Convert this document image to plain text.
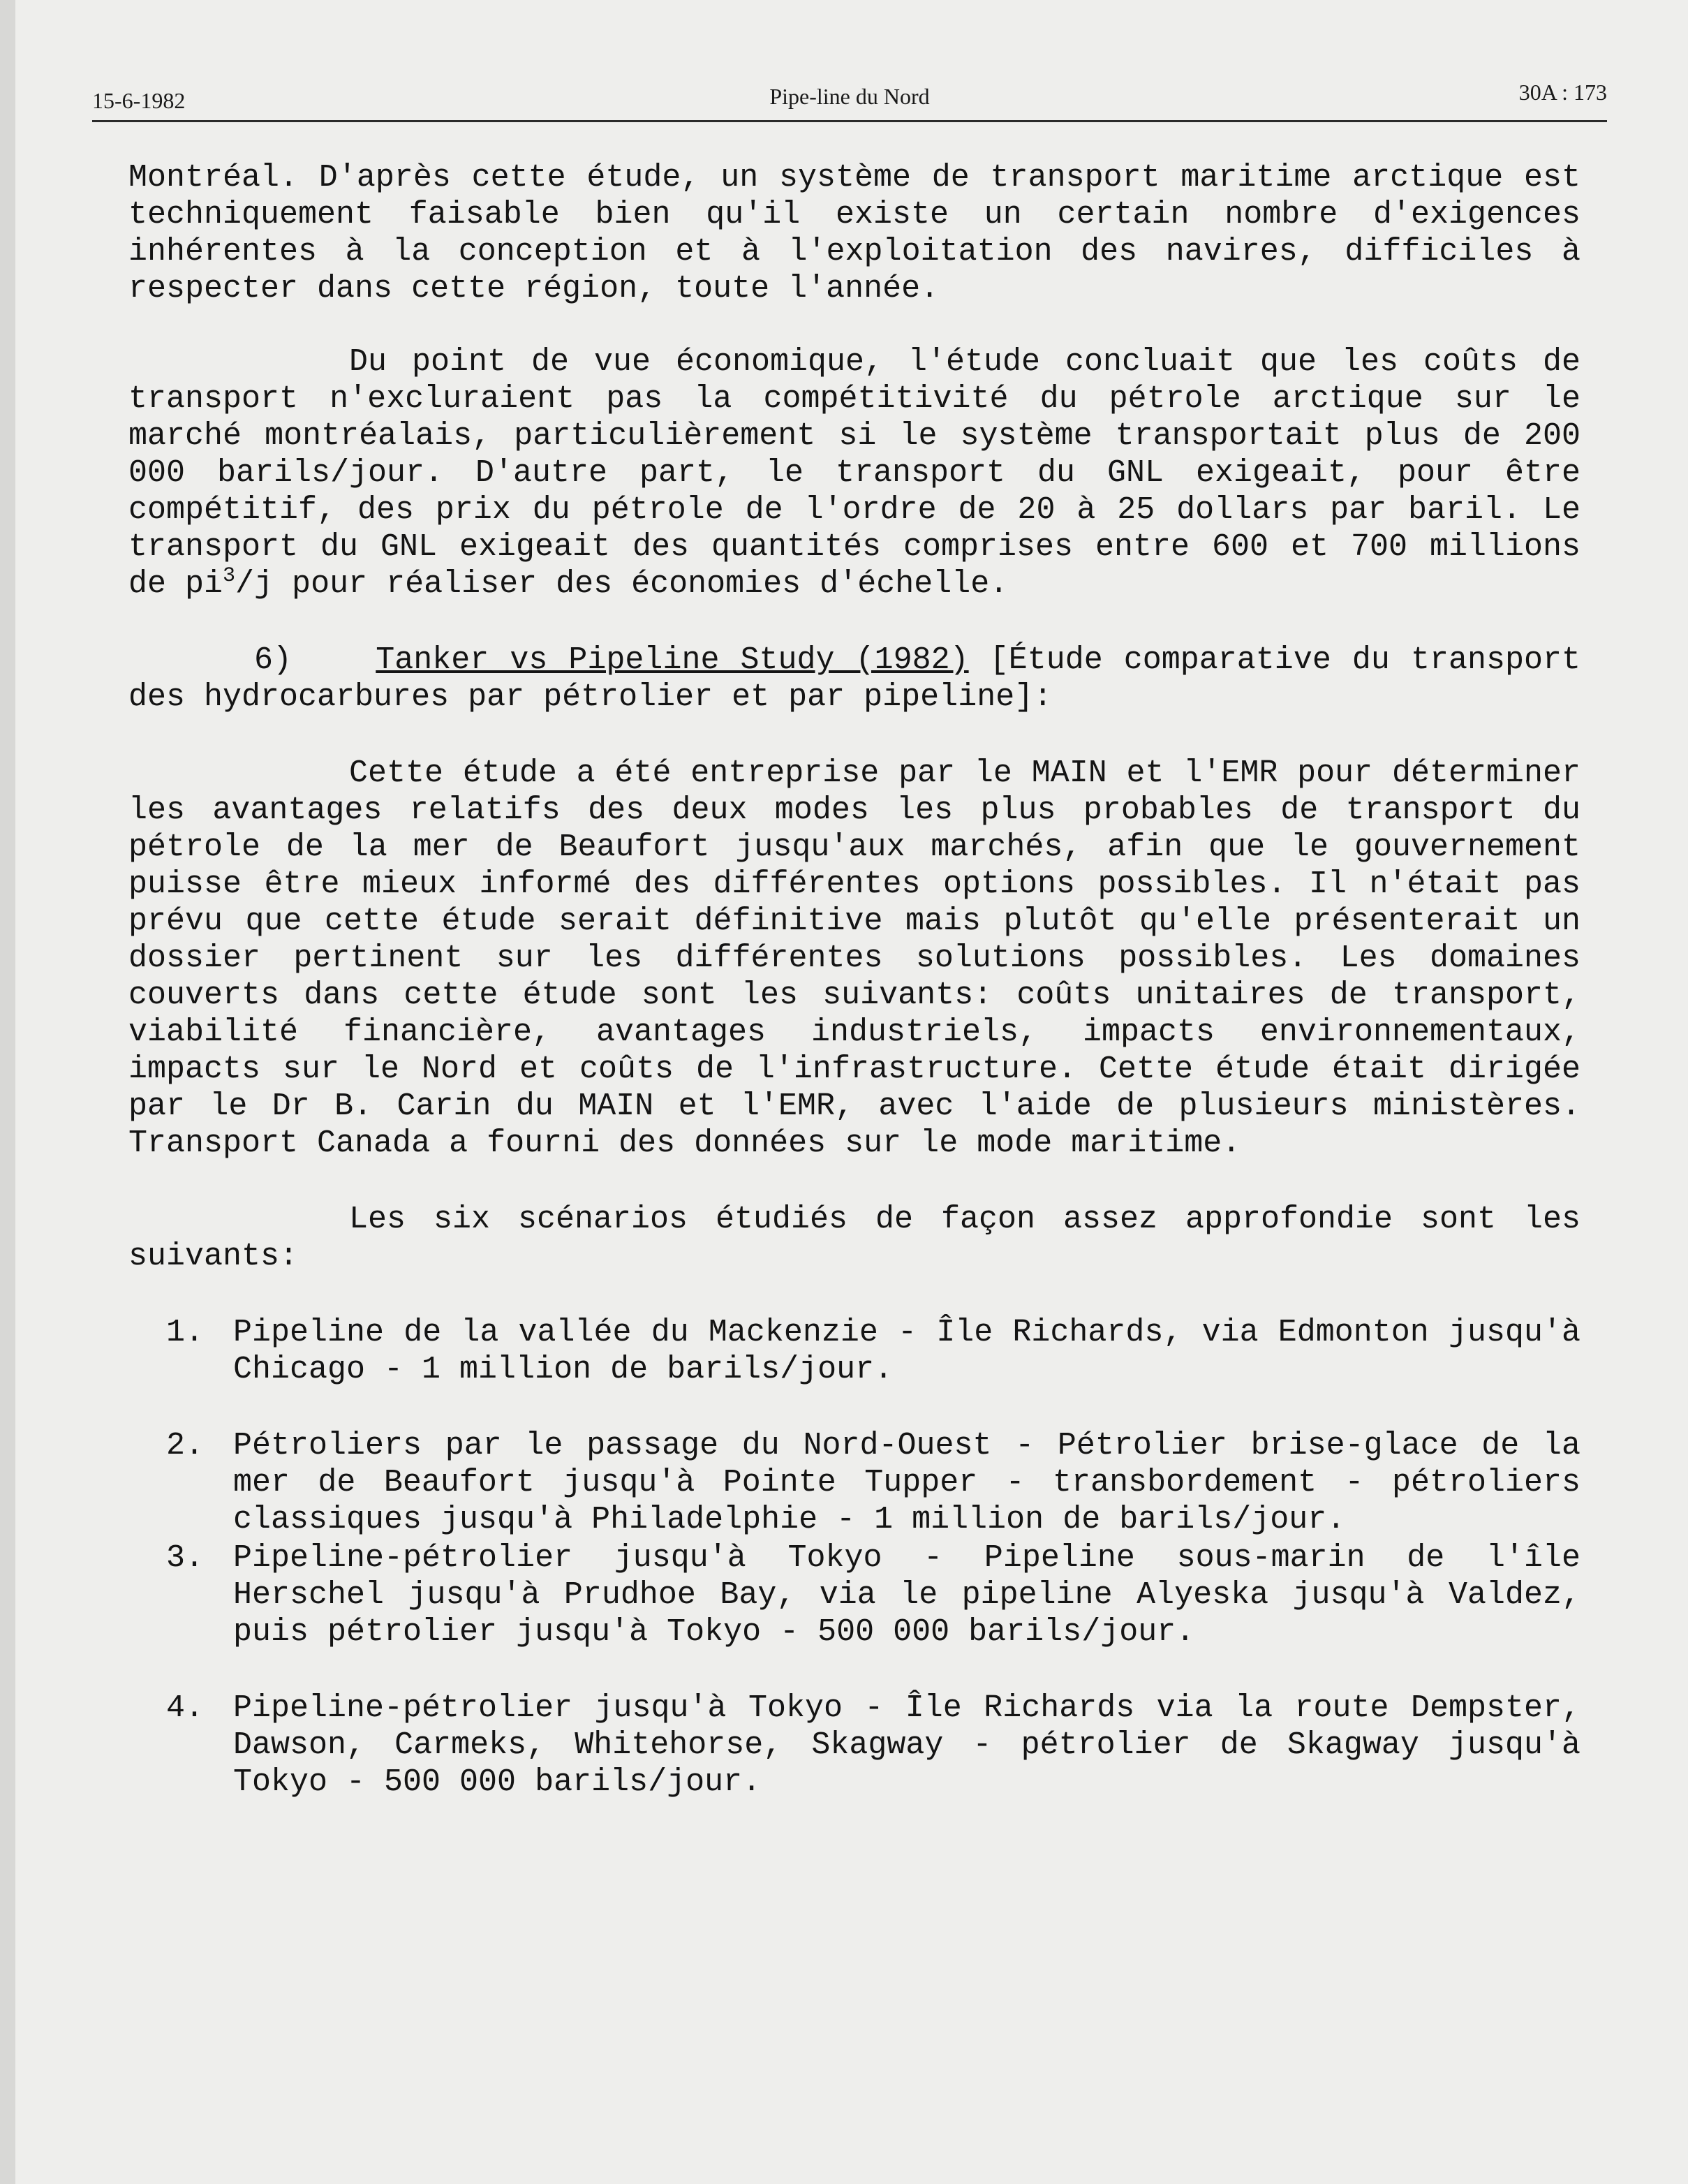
15-6-1982	Pipe-line du Nord	30A : 173

Montréal. D'après cette étude, un système de transport maritime arctique est techniquement faisable bien qu'il existe un certain nombre d'exigences inhérentes à la conception et à l'exploitation des navires, difficiles à respecter dans cette région, toute l'année.

Du point de vue économique, l'étude concluait que les coûts de transport n'excluraient pas la compétitivité du pétrole arctique sur le marché montréalais, particulièrement si le système transportait plus de 200 000 barils/jour. D'autre part, le transport du GNL exigeait, pour être compétitif, des prix du pétrole de l'ordre de 20 à 25 dollars par baril. Le transport du GNL exigeait des quantités comprises entre 600 et 700 millions de $pi^3/j$ pour réaliser des économies d'échelle.

6)	Tanker vs Pipeline Study (1982) [Étude comparative du transport des hydrocarbures par pétrolier et par pipeline]:

Cette étude a été entreprise par le MAIN et l'EMR pour déterminer les avantages relatifs des deux modes les plus probables de transport du pétrole de la mer de Beaufort jusqu'aux marchés, afin que le gouvernement puisse être mieux informé des différentes options possibles. Il n'était pas prévu que cette étude serait définitive mais plutôt qu'elle présenterait un dossier pertinent sur les différentes solutions possibles. Les domaines couverts dans cette étude sont les suivants: coûts unitaires de transport, viabilité financière, avantages industriels, impacts environnementaux, impacts sur le Nord et coûts de l'infrastructure. Cette étude était dirigée par le Dr B. Carin du MAIN et l'EMR, avec l'aide de plusieurs ministères. Transport Canada a fourni des données sur le mode maritime.

Les six scénarios étudiés de façon assez approfondie sont les suivants:

1. Pipeline de la vallée du Mackenzie - Île Richards, via Edmonton jusqu'à Chicago - 1 million de barils/jour.
2. Pétroliers par le passage du Nord-Ouest - Pétrolier brise-glace de la mer de Beaufort jusqu'à Pointe Tupper - transbordement - pétroliers classiques jusqu'à Philadelphie - 1 million de barils/jour.
3. Pipeline-pétrolier jusqu'à Tokyo - Pipeline sous-marin de l'île Herschel jusqu'à Prudhoe Bay, via le pipeline Alyeska jusqu'à Valdez, puis pétrolier jusqu'à Tokyo - 500 000 barils/jour.
4. Pipeline-pétrolier jusqu'à Tokyo - Île Richards via la route Dempster, Dawson, Carmeks, Whitehorse, Skagway - pétrolier de Skagway jusqu'à Tokyo - 500 000 barils/jour.
